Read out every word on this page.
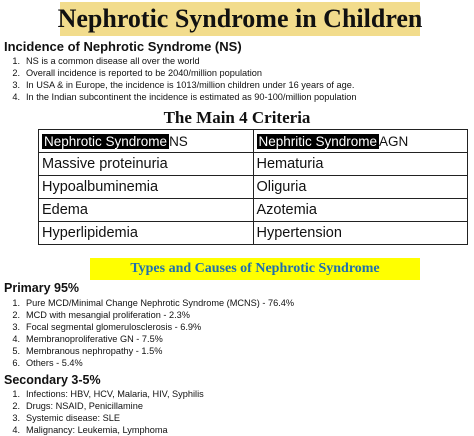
Nephrotic Syndrome in Children
Incidence of Nephrotic Syndrome (NS)
1. NS is a common disease all over the world
2. Overall incidence is reported to be 2040/million population
3. In USA & in Europe, the incidence is 1013/million children under 16 years of age.
4. In the Indian subcontinent the incidence is estimated as 90-100/million population
The Main 4 Criteria
Nephrotic Syndrome NS	Nephritic Syndrome AGN
Massive proteinuria	Hematuria
Hypoalbuminemia	Oliguria
Edema	Azotemia
Hyperlipidemia	Hypertension
Types and Causes of Nephrotic Syndrome
Primary 95%
1. Pure MCD/Minimal Change Nephrotic Syndrome (MCNS) - 76.4%
2. MCD with mesangial proliferation - 2.3%
3. Focal segmental glomerulosclerosis - 6.9%
4. Membranoproliferative GN - 7.5%
5. Membranous nephropathy - 1.5%
6. Others - 5.4%
Secondary 3-5%
1. Infections: HBV, HCV, Malaria, HIV, Syphilis
2. Drugs: NSAID, Penicillamine
3. Systemic disease: SLE
4. Malignancy: Leukemia, Lymphoma
